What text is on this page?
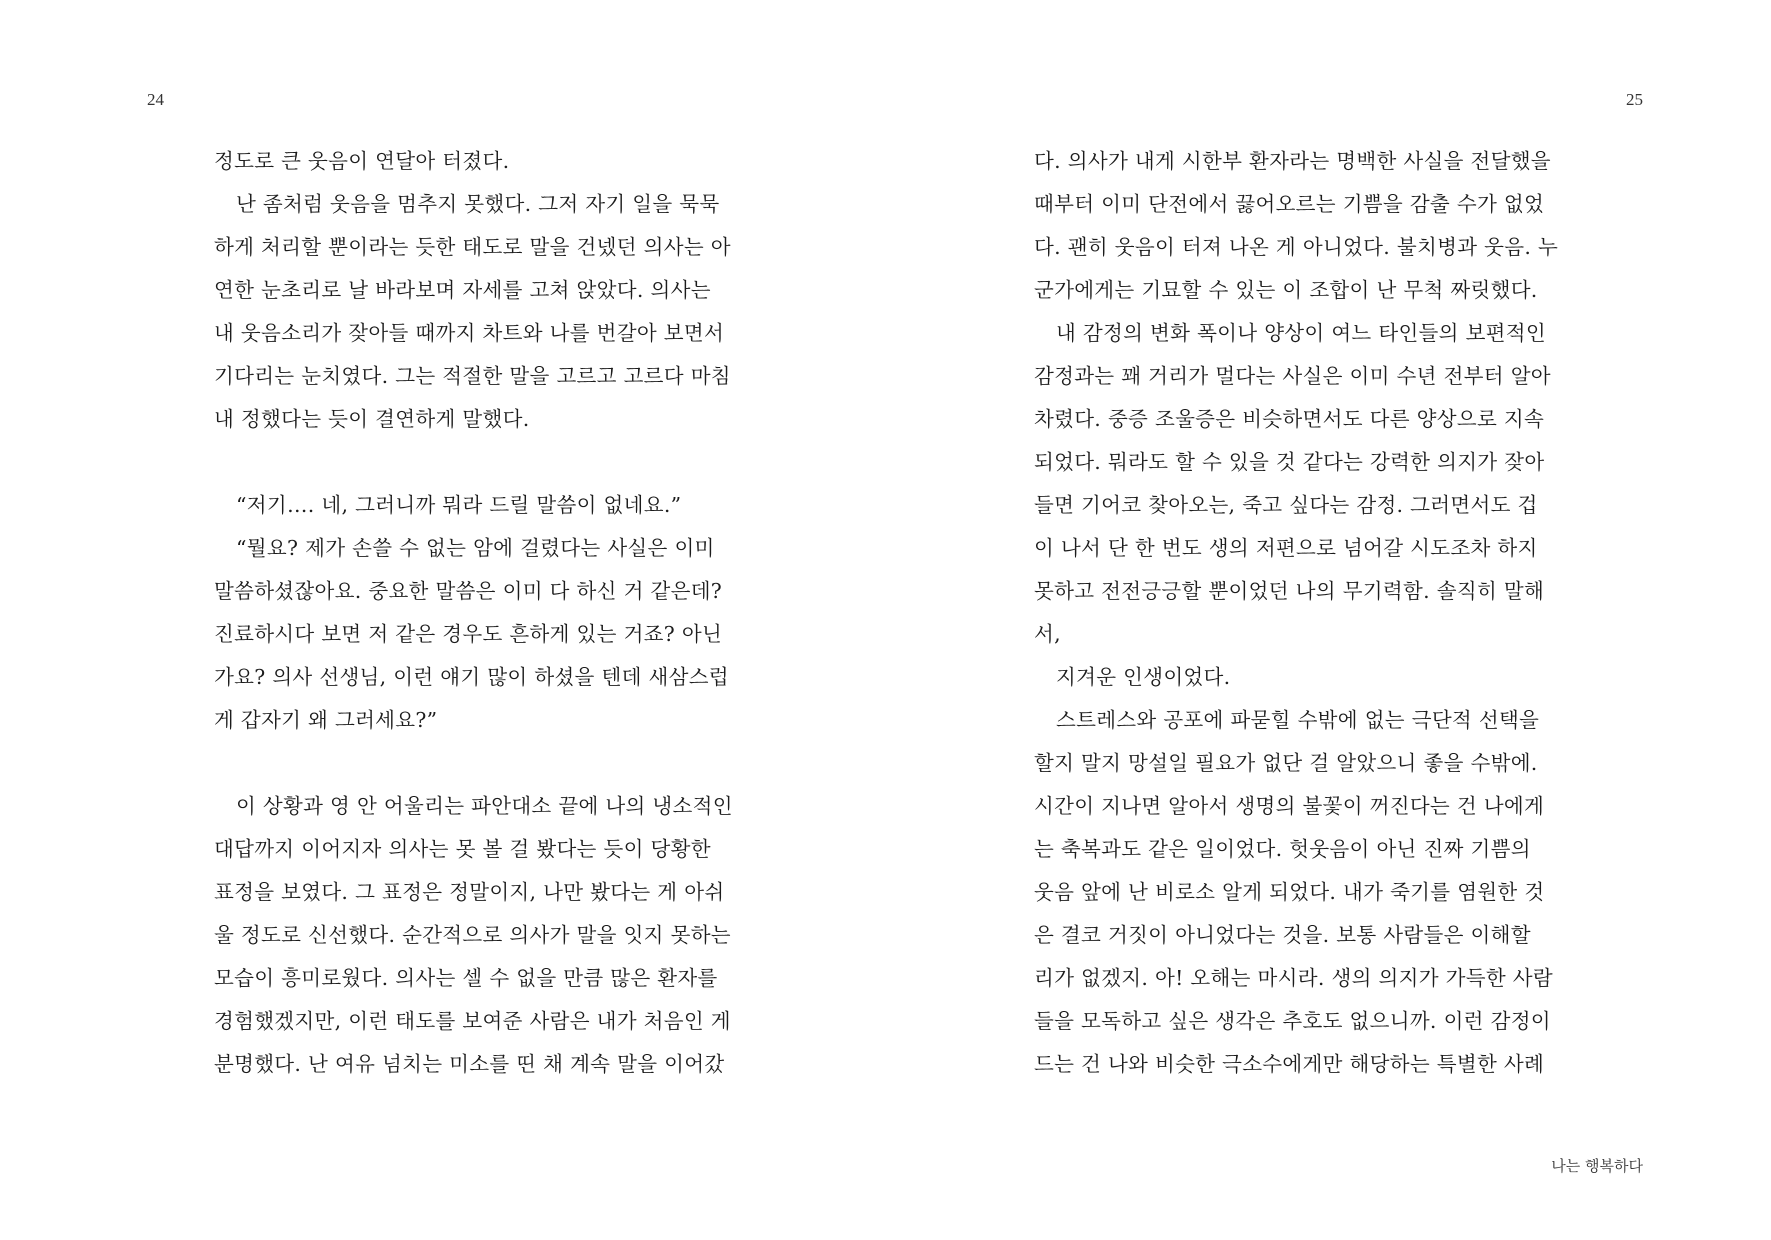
24
정도로 큰 웃음이 연달아 터졌다.
난 좀처럼 웃음을 멈추지 못했다. 그저 자기 일을 묵묵
하게 처리할 뿐이라는 듯한 태도로 말을 건넸던 의사는 아
연한 눈초리로 날 바라보며 자세를 고쳐 앉았다. 의사는
내 웃음소리가 잦아들 때까지 차트와 나를 번갈아 보면서
기다리는 눈치였다. 그는 적절한 말을 고르고 고르다 마침
내 정했다는 듯이 결연하게 말했다.
“저기…. 네, 그러니까 뭐라 드릴 말씀이 없네요.”
“뭘요? 제가 손쓸 수 없는 암에 걸렸다는 사실은 이미
말씀하셨잖아요. 중요한 말씀은 이미 다 하신 거 같은데?
진료하시다 보면 저 같은 경우도 흔하게 있는 거죠? 아닌
가요? 의사 선생님, 이런 얘기 많이 하셨을 텐데 새삼스럽
게 갑자기 왜 그러세요?”
이 상황과 영 안 어울리는 파안대소 끝에 나의 냉소적인
대답까지 이어지자 의사는 못 볼 걸 봤다는 듯이 당황한
표정을 보였다. 그 표정은 정말이지, 나만 봤다는 게 아쉬
울 정도로 신선했다. 순간적으로 의사가 말을 잇지 못하는
모습이 흥미로웠다. 의사는 셀 수 없을 만큼 많은 환자를
경험했겠지만, 이런 태도를 보여준 사람은 내가 처음인 게
분명했다. 난 여유 넘치는 미소를 띤 채 계속 말을 이어갔
25
다. 의사가 내게 시한부 환자라는 명백한 사실을 전달했을
때부터 이미 단전에서 끓어오르는 기쁨을 감출 수가 없었
다. 괜히 웃음이 터져 나온 게 아니었다. 불치병과 웃음. 누
군가에게는 기묘할 수 있는 이 조합이 난 무척 짜릿했다.
내 감정의 변화 폭이나 양상이 여느 타인들의 보편적인
감정과는 꽤 거리가 멀다는 사실은 이미 수년 전부터 알아
차렸다. 중증 조울증은 비슷하면서도 다른 양상으로 지속
되었다. 뭐라도 할 수 있을 것 같다는 강력한 의지가 잦아
들면 기어코 찾아오는, 죽고 싶다는 감정. 그러면서도 겁
이 나서 단 한 번도 생의 저편으로 넘어갈 시도조차 하지
못하고 전전긍긍할 뿐이었던 나의 무기력함. 솔직히 말해
서,
지겨운 인생이었다.
스트레스와 공포에 파묻힐 수밖에 없는 극단적 선택을
할지 말지 망설일 필요가 없단 걸 알았으니 좋을 수밖에.
시간이 지나면 알아서 생명의 불꽃이 꺼진다는 건 나에게
는 축복과도 같은 일이었다. 헛웃음이 아닌 진짜 기쁨의
웃음 앞에 난 비로소 알게 되었다. 내가 죽기를 염원한 것
은 결코 거짓이 아니었다는 것을. 보통 사람들은 이해할
리가 없겠지. 아! 오해는 마시라. 생의 의지가 가득한 사람
들을 모독하고 싶은 생각은 추호도 없으니까. 이런 감정이
드는 건 나와 비슷한 극소수에게만 해당하는 특별한 사례
나는 행복하다
